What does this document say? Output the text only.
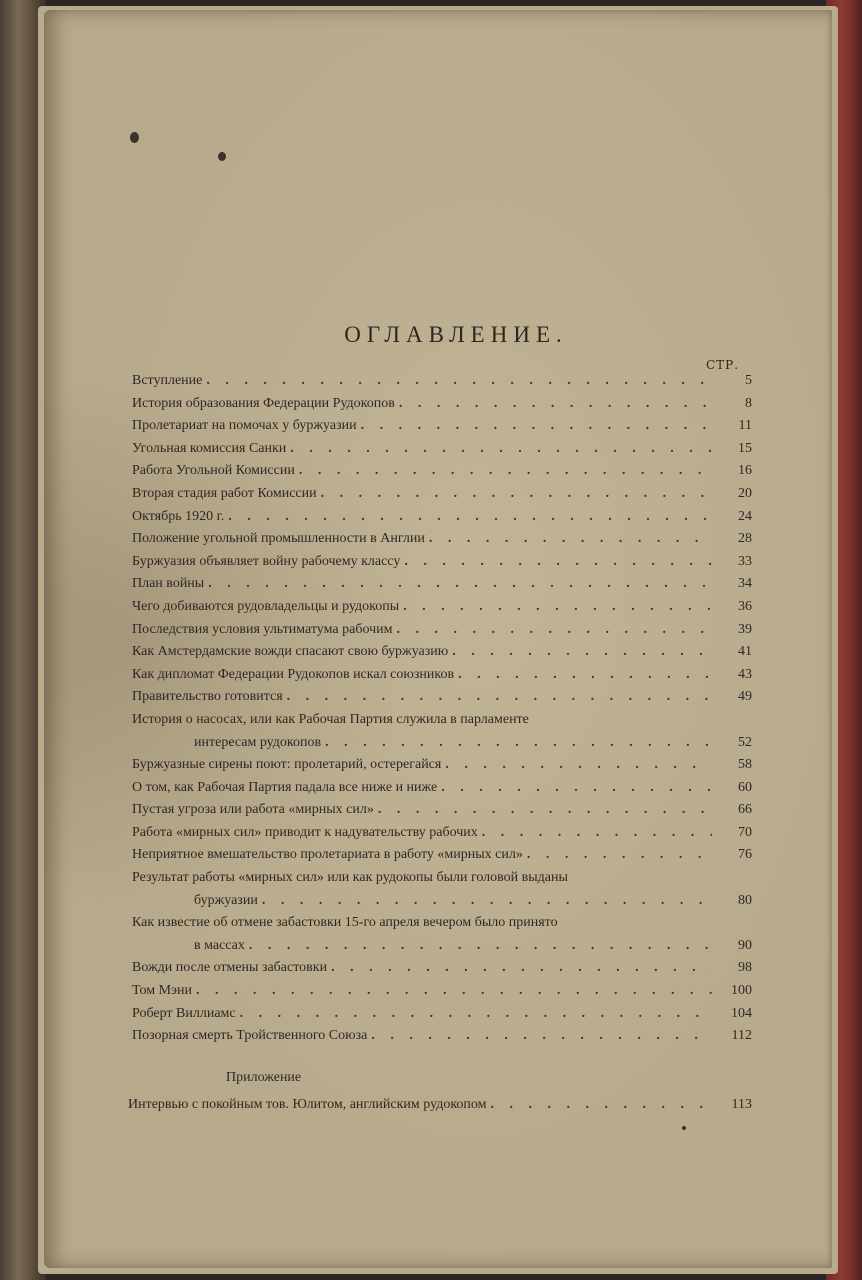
ОГЛАВЛЕНИЕ.
СТР.
Вступление . . .	5
История образования Федерации Рудокопов . . .	8
Пролетариат на помочах у буржуазии . . .	11
Угольная комиссия Санки . . .	15
Работа Угольной Комиссии . . .	16
Вторая стадия работ Комиссии . . .	20
Октябрь 1920 г. . . .	24
Положение угольной промышленности в Англии . . .	28
Буржуазия объявляет войну рабочему классу . . .	33
План войны . . .	34
Чего добиваются рудовладельцы и рудокопы . . .	36
Последствия условия ультиматума рабочим . . .	39
Как Амстердамские вожди спасают свою буржуазию . . .	41
Как дипломат Федерации Рудокопов искал союзников . . .	43
Правительство готовится . . .	49
История о насосах, или как Рабочая Партия служила в парламенте
интересам рудокопов . . .	52
Буржуазные сирены поют: пролетарий, остерегайся . . .	58
О том, как Рабочая Партия падала все ниже и ниже . . .	60
Пустая угроза или работа «мирных сил» . . .	66
Работа «мирных сил» приводит к надувательству рабочих . . .	70
Неприятное вмешательство пролетариата в работу «мирных сил» . . .	76
Результат работы «мирных сил» или как рудокопы были головой выданы
буржуазии . . .	80
Как известие об отмене забастовки 15-го апреля вечером было принято
в массах . . .	90
Вожди после отмены забастовки . . .	98
Том Мэни . . .	100
Роберт Виллиамс . . .	104
Позорная смерть Тройственного Союза . . .	112
Приложение
Интервью с покойным тов. Юлитом, английским рудокопом . . .	113
